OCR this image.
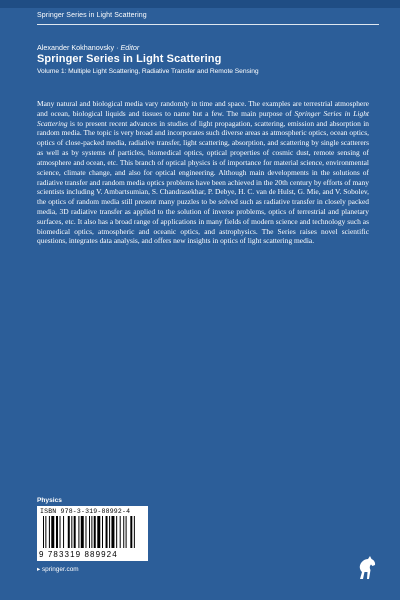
Springer Series in Light Scattering
Alexander Kokhanovsky · Editor
Springer Series in Light Scattering
Volume 1: Multiple Light Scattering, Radiative Transfer and Remote Sensing

Many natural and biological media vary randomly in time and space. The examples are terrestrial atmosphere and ocean, biological liquids and tissues to name but a few. The main purpose of Springer Series in Light Scattering is to present recent advances in studies of light propagation, scattering, emission and absorption in random media. The topic is very broad and incorporates such diverse areas as atmospheric optics, ocean optics, optics of close-packed media, radiative transfer, light scattering, absorption, and scattering by single scatterers as well as by systems of particles, biomedical optics, optical properties of cosmic dust, remote sensing of atmosphere and ocean, etc. This branch of optical physics is of importance for material science, environmental science, climate change, and also for optical engineering. Although main developments in the solutions of radiative transfer and random media optics problems have been achieved in the 20th century by efforts of many scientists including V. Ambartsumian, S. Chandrasekhar, P. Debye, H. C. van de Hulst, G. Mie, and V. Sobolev, the optics of random media still present many puzzles to be solved such as radiative transfer in closely packed media, 3D radiative transfer as applied to the solution of inverse problems, optics of terrestrial and planetary surfaces, etc. It also has a broad range of applications in many fields of modern science and technology such as biomedical optics, atmospheric and oceanic optics, and astrophysics. The Series raises novel scientific questions, integrates data analysis, and offers new insights in optics of light scattering media.

Physics
ISBN 978-3-319-88992-4
9 783319 889924
▸ springer.com
